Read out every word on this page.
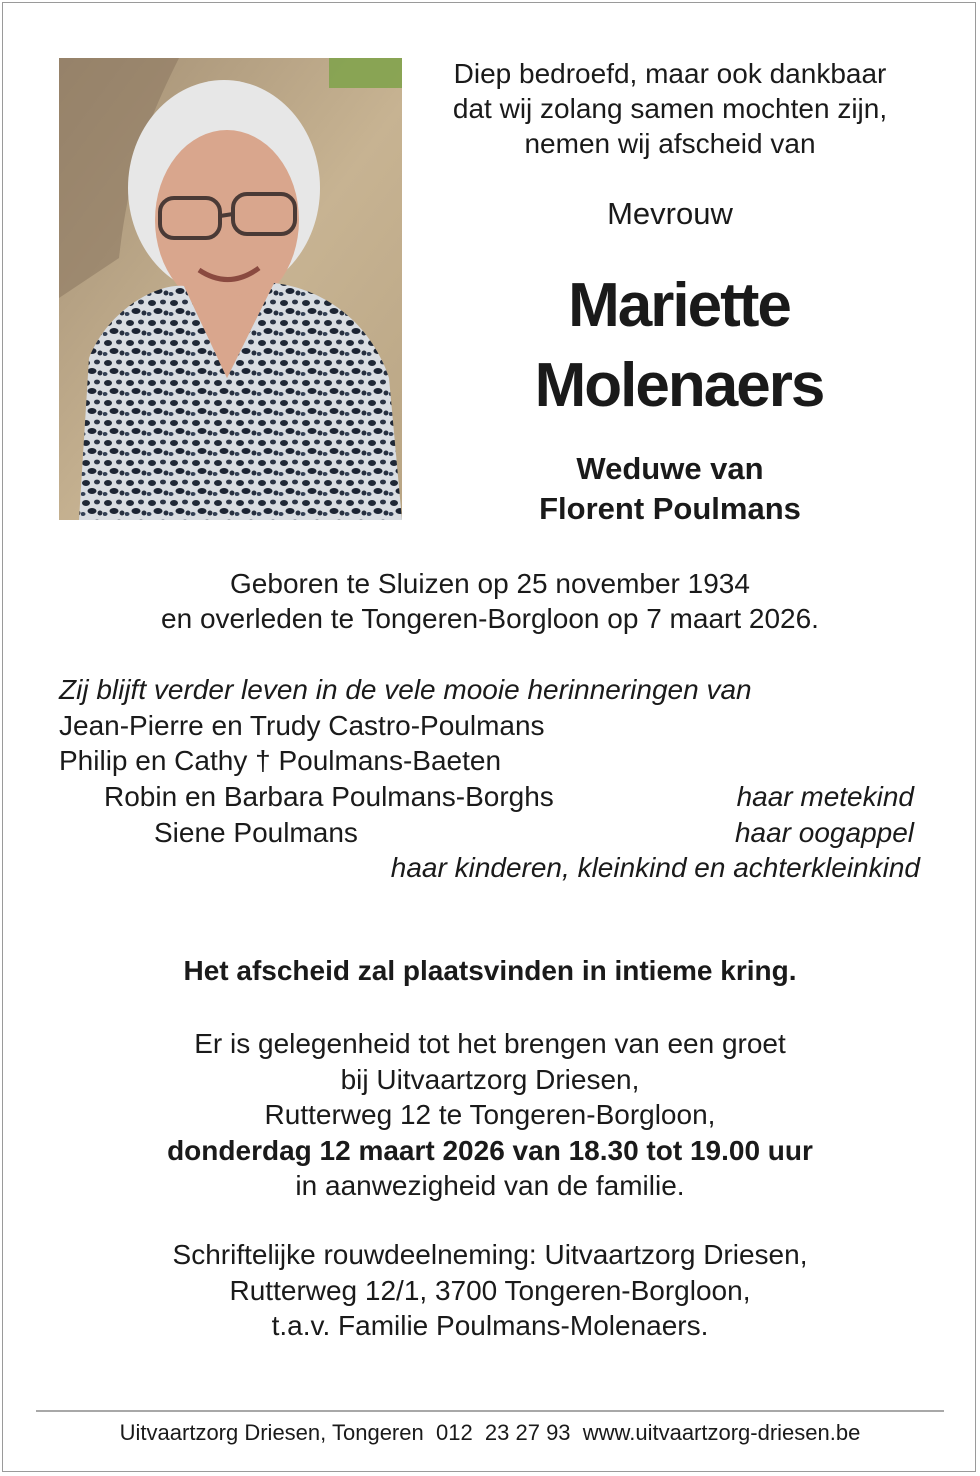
Diep bedroefd, maar ook dankbaar
dat wij zolang samen mochten zijn,
nemen wij afscheid van
Mevrouw
Mariette
Molenaers
Weduwe van
Florent Poulmans
Geboren te Sluizen op 25 november 1934
en overleden te Tongeren-Borgloon op 7 maart 2026.
Zij blijft verder leven in de vele mooie herinneringen van
Jean-Pierre en Trudy Castro-Poulmans
Philip en Cathy † Poulmans-Baeten
Robin en Barbara Poulmans-Borghs	haar metekind
Siene Poulmans	haar oogappel
haar kinderen, kleinkind en achterkleinkind
Het afscheid zal plaatsvinden in intieme kring.
Er is gelegenheid tot het brengen van een groet
bij Uitvaartzorg Driesen,
Rutterweg 12 te Tongeren-Borgloon,
donderdag 12 maart 2026 van 18.30 tot 19.00 uur
in aanwezigheid van de familie.
Schriftelijke rouwdeelneming: Uitvaartzorg Driesen,
Rutterweg 12/1, 3700 Tongeren-Borgloon,
t.a.v. Familie Poulmans-Molenaers.
Uitvaartzorg Driesen, Tongeren 012  23 27 93 www.uitvaartzorg-driesen.be
